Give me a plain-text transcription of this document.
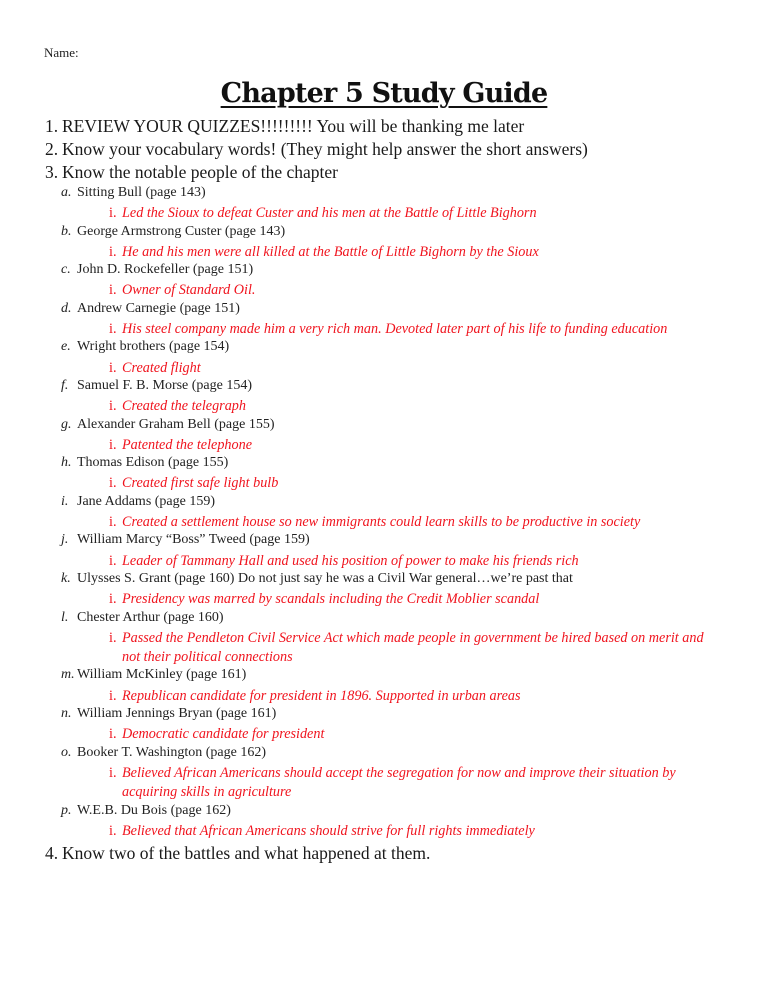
Name:
Chapter 5 Study Guide
1. REVIEW YOUR QUIZZES!!!!!!!!! You will be thanking me later
2. Know your vocabulary words! (They might help answer the short answers)
3. Know the notable people of the chapter
a. Sitting Bull (page 143)
i. Led the Sioux to defeat Custer and his men at the Battle of Little Bighorn
b. George Armstrong Custer (page 143)
i. He and his men were all killed at the Battle of Little Bighorn by the Sioux
c. John D. Rockefeller (page 151)
i. Owner of Standard Oil.
d. Andrew Carnegie (page 151)
i. His steel company made him a very rich man. Devoted later part of his life to funding education
e. Wright brothers (page 154)
i. Created flight
f. Samuel F. B. Morse (page 154)
i. Created the telegraph
g. Alexander Graham Bell (page 155)
i. Patented the telephone
h. Thomas Edison (page 155)
i. Created first safe light bulb
i. Jane Addams (page 159)
i. Created a settlement house so new immigrants could learn skills to be productive in society
j. William Marcy “Boss” Tweed (page 159)
i. Leader of Tammany Hall and used his position of power to make his friends rich
k. Ulysses S. Grant (page 160) Do not just say he was a Civil War general…we’re past that
i. Presidency was marred by scandals including the Credit Moblier scandal
l. Chester Arthur (page 160)
i. Passed the Pendleton Civil Service Act which made people in government be hired based on merit and not their political connections
m. William McKinley (page 161)
i. Republican candidate for president in 1896. Supported in urban areas
n. William Jennings Bryan (page 161)
i. Democratic candidate for president
o. Booker T. Washington (page 162)
i. Believed African Americans should accept the segregation for now and improve their situation by acquiring skills in agriculture
p. W.E.B. Du Bois (page 162)
i. Believed that African Americans should strive for full rights immediately
4. Know two of the battles and what happened at them.
